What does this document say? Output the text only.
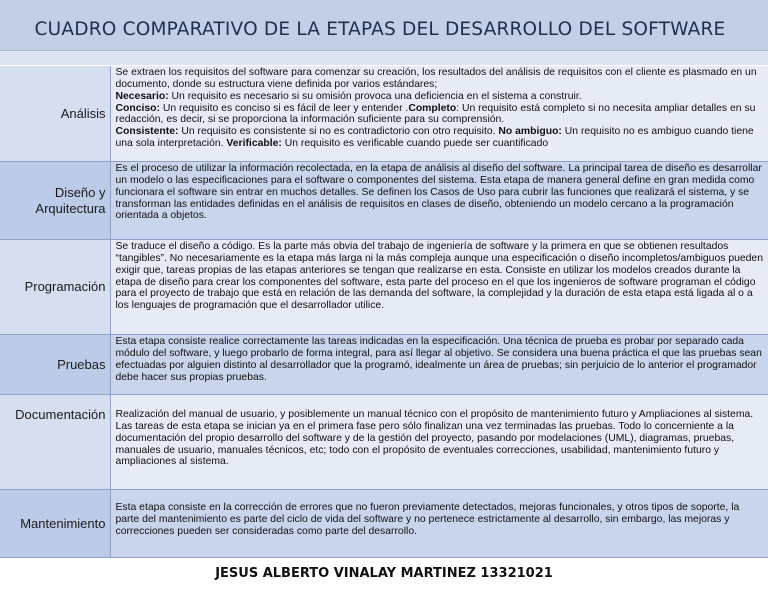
CUADRO COMPARATIVO DE LA ETAPAS DEL DESARROLLO DEL SOFTWARE
Análisis	Se extraen los requisitos del software para comenzar su creación, los resultados del análisis de requisitos con el cliente es plasmado en un documento, donde su estructura viene definida por varios estándares;
Necesario: Un requisito es necesario si su omisión provoca una deficiencia en el sistema a construir.
Conciso: Un requisito es conciso si es fácil de leer y entender .Completo: Un requisito está completo si no necesita ampliar detalles en su redacción, es decir, si se proporciona la información suficiente para su comprensión.
Consistente: Un requisito es consistente si no es contradictorio con otro requisito. No ambiguo: Un requisito no es ambiguo cuando tiene una sola interpretación. Verificable: Un requisito es verificable cuando puede ser cuantificado

Diseño y
Arquitectura	Es el proceso de utilizar la información recolectada, en la etapa de análisis al diseño del software. La principal tarea de diseño es desarrollar un modelo o las especificaciones para el software o componentes del sistema. Esta etapa de manera general define en gran medida como funcionara el software sin entrar en muchos detalles. Se definen los Casos de Uso para cubrir las funciones que realizará el sistema, y se transforman las entidades definidas en el análisis de requisitos en clases de diseño, obteniendo un modelo cercano a la programación orientada a objetos.

Programación	Se traduce el diseño a código. Es la parte más obvia del trabajo de ingeniería de software y la primera en que se obtienen resultados “tangibles”. No necesariamente es la etapa más larga ni la más compleja aunque una especificación o diseño incompletos/ambiguos pueden exigir que, tareas propias de las etapas anteriores se tengan que realizarse en esta. Consiste en utilizar los modelos creados durante la etapa de diseño para crear los componentes del software, esta parte del proceso en el que los ingenieros de software programan el código para el proyecto de trabajo que está en relación de las demanda del software, la complejidad y la duración de esta etapa está ligada al o a los lenguajes de programación que el desarrollador utilice.

Pruebas	Esta etapa consiste realice correctamente las tareas indicadas en la especificación. Una técnica de prueba es probar por separado cada módulo del software, y luego probarlo de forma integral, para así llegar al objetivo. Se considera una buena práctica el que las pruebas sean efectuadas por alguien distinto al desarrollador que la programó, idealmente un área de pruebas; sin perjuicio de lo anterior el programador debe hacer sus propias pruebas.

Documentación	Realización del manual de usuario, y posiblemente un manual técnico con el propósito de mantenimiento futuro y Ampliaciones al sistema. Las tareas de esta etapa se inician ya en el primera fase pero sólo finalizan una vez terminadas las pruebas. Todo lo concerniente a la documentación del propio desarrollo del software y de la gestión del proyecto, pasando por modelaciones (UML), diagramas, pruebas, manuales de usuario, manuales técnicos, etc; todo con el propósito de eventuales correcciones, usabilidad, mantenimiento futuro y ampliaciones al sistema.

Mantenimiento	Esta etapa consiste en la corrección de errores que no fueron previamente detectados, mejoras funcionales, y otros tipos de soporte, la parte del mantenimiento es parte del ciclo de vida del software y no pertenece estrictamente al desarrollo, sin embargo, las mejoras y correcciones pueden ser consideradas como parte del desarrollo.
JESUS ALBERTO VINALAY MARTINEZ 13321021
